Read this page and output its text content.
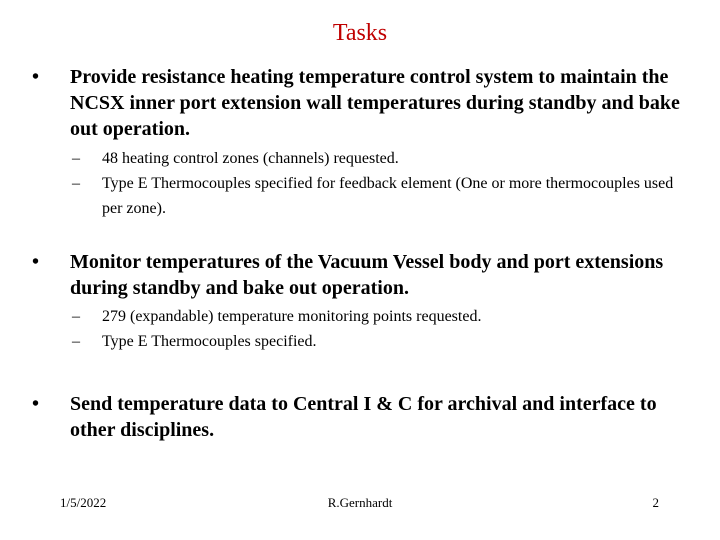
Tasks
•	Provide resistance heating temperature control system to maintain the NCSX inner port extension wall temperatures during standby and bake out operation.
–	48 heating control zones (channels) requested.
–	Type E Thermocouples specified for feedback element (One or more thermocouples used per zone).
•	Monitor temperatures of the Vacuum Vessel body and port extensions during standby and bake out operation.
–	279 (expandable) temperature monitoring points requested.
–	Type E Thermocouples specified.
•	Send temperature data to Central I & C for archival and interface to other disciplines.
1/5/2022	R.Gernhardt	2
